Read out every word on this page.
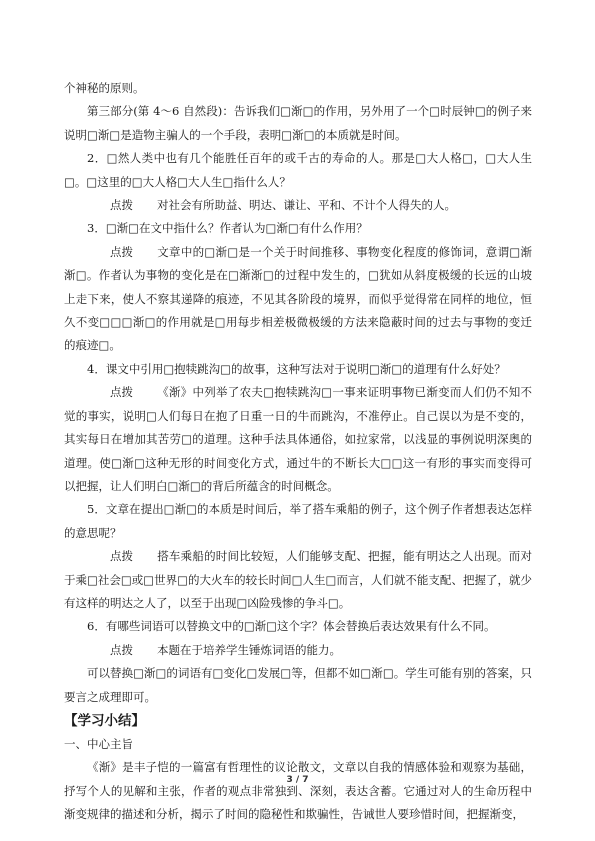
个神秘的原则。

第三部分(第 4～6 自然段)：告诉我们□渐□的作用，另外用了一个□时辰钟□的例子来说明□渐□是造物主骗人的一个手段，表明□渐□的本质就是时间。

2．□然人类中也有几个能胜任百年的或千古的寿命的人。那是□大人格□，□大人生□。□这里的□大人格□大人生□指什么人？

点拨 对社会有所助益、明达、谦让、平和、不计个人得失的人。

3．□渐□在文中指什么？作者认为□渐□有什么作用？

点拨 文章中的□渐□是一个关于时间推移、事物变化程度的修饰词，意谓□渐渐□。作者认为事物的变化是在□渐渐□的过程中发生的，□犹如从斜度极缓的长远的山坡上走下来，使人不察其递降的痕迹，不见其各阶段的境界，而似乎觉得常在同样的地位，恒久不变□□□渐□的作用就是□用每步相差极微极缓的方法来隐蔽时间的过去与事物的变迁的痕迹□。

4．课文中引用□抱犊跳沟□的故事，这种写法对于说明□渐□的道理有什么好处？

点拨 《渐》中列举了农夫□抱犊跳沟□一事来证明事物已渐变而人们仍不知不觉的事实，说明□人们每日在抱了日重一日的牛而跳沟，不准停止。自己误以为是不变的，其实每日在增加其苦劳□的道理。这种手法具体通俗，如拉家常，以浅显的事例说明深奥的道理。使□渐□这种无形的时间变化方式，通过牛的不断长大□□这一有形的事实而变得可以把握，让人们明白□渐□的背后所蕴含的时间概念。

5．文章在提出□渐□的本质是时间后，举了搭车乘船的例子，这个例子作者想表达怎样的意思呢？

点拨 搭车乘船的时间比较短，人们能够支配、把握，能有明达之人出现。而对于乘□社会□或□世界□的大火车的较长时间□人生□而言，人们就不能支配、把握了，就少有这样的明达之人了，以至于出现□凶险残惨的争斗□。

6．有哪些词语可以替换文中的□渐□这个字？体会替换后表达效果有什么不同。

点拨 本题在于培养学生锤炼词语的能力。

可以替换□渐□的词语有□变化□发展□等，但都不如□渐□。学生可能有别的答案，只要言之成理即可。

【学习小结】

一、中心主旨

《渐》是丰子恺的一篇富有哲理性的议论散文，文章以自我的情感体验和观察为基础，抒写个人的见解和主张，作者的观点非常独到、深刻，表达含蓄。它通过对人的生命历程中渐变规律的描述和分析，揭示了时间的隐秘性和欺骗性，告诫世人要珍惜时间，把握渐变，

3 / 7
